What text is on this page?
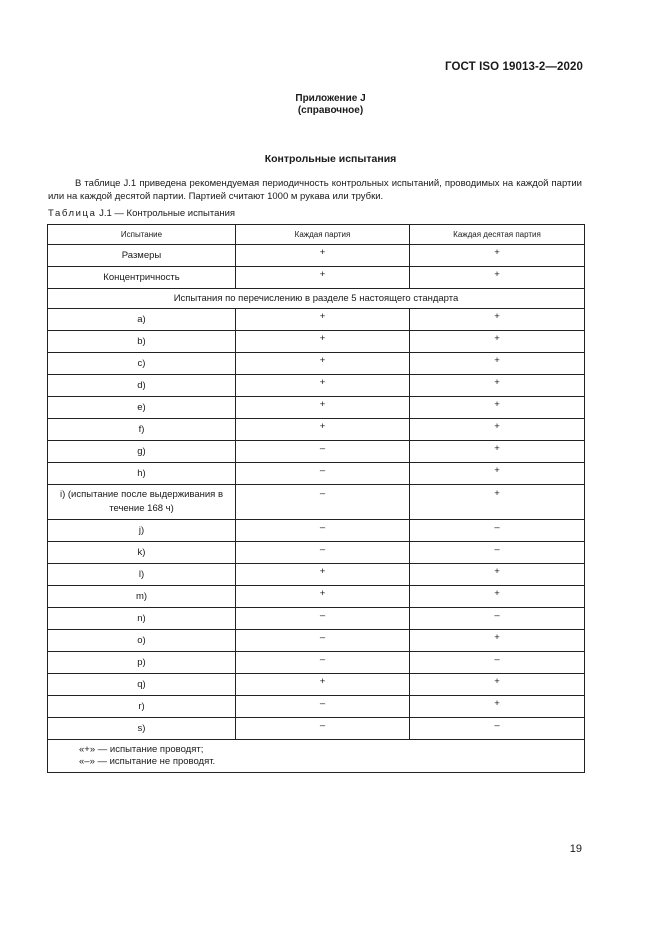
ГОСТ ISO 19013-2—2020
Приложение J
(справочное)
Контрольные испытания

В таблице J.1 приведена рекомендуемая периодичность контрольных испытаний, проводимых на каждой партии или на каждой десятой партии. Партией считают 1000 м рукава или трубки.

Таблица J.1 — Контрольные испытания
Испытание	Каждая партия	Каждая десятая партия
Размеры	+	+
Концентричность	+	+
Испытания по перечислению в разделе 5 настоящего стандарта		
a)	+	+
b)	+	+
c)	+	+
d)	+	+
e)	+	+
f)	+	+
g)	–	+
h)	–	+
i) (испытание после выдерживания в течение 168 ч)	–	+
j)	–	–
k)	–	–
l)	+	+
m)	+	+
n)	–	–
o)	–	+
p)	–	–
q)	+	+
r)	–	+
s)	–	–

«+» — испытание проводят;
«–» — испытание не проводят.		
19
